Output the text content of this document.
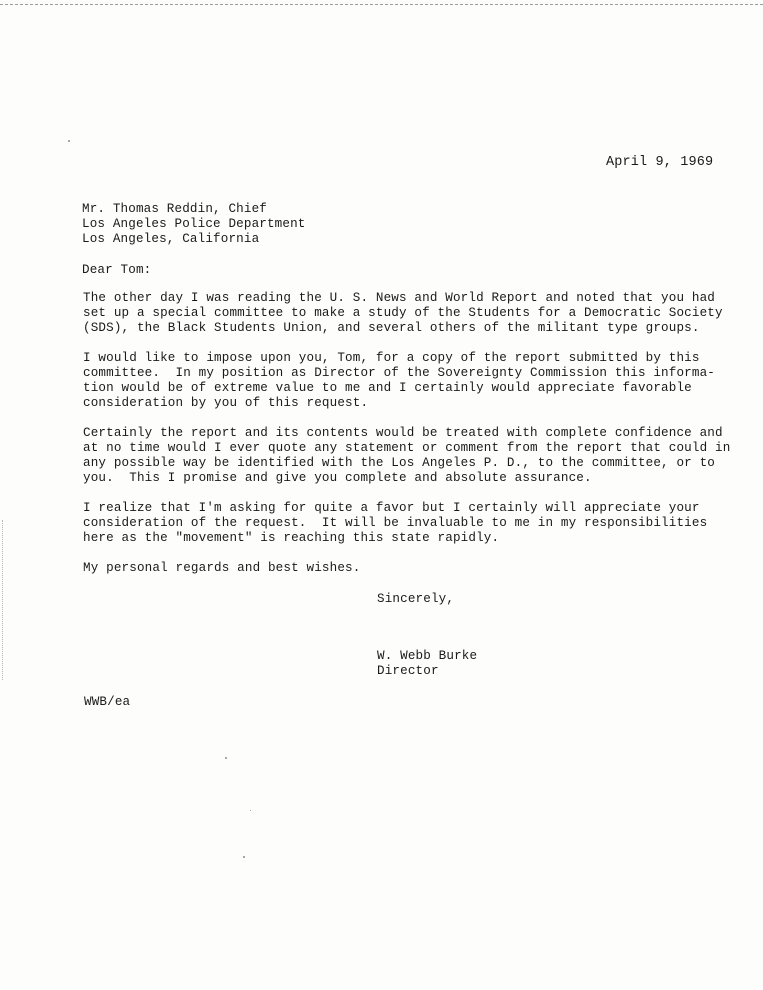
April 9, 1969
Mr. Thomas Reddin, Chief
Los Angeles Police Department
Los Angeles, California
Dear Tom:
The other day I was reading the U. S. News and World Report and noted that you had
set up a special committee to make a study of the Students for a Democratic Society
(SDS), the Black Students Union, and several others of the militant type groups.
I would like to impose upon you, Tom, for a copy of the report submitted by this
committee.  In my position as Director of the Sovereignty Commission this informa-
tion would be of extreme value to me and I certainly would appreciate favorable
consideration by you of this request.
Certainly the report and its contents would be treated with complete confidence and
at no time would I ever quote any statement or comment from the report that could in
any possible way be identified with the Los Angeles P. D., to the committee, or to
you.  This I promise and give you complete and absolute assurance.
I realize that I'm asking for quite a favor but I certainly will appreciate your
consideration of the request.  It will be invaluable to me in my responsibilities
here as the "movement" is reaching this state rapidly.
My personal regards and best wishes.
Sincerely,
W. Webb Burke
Director
WWB/ea
